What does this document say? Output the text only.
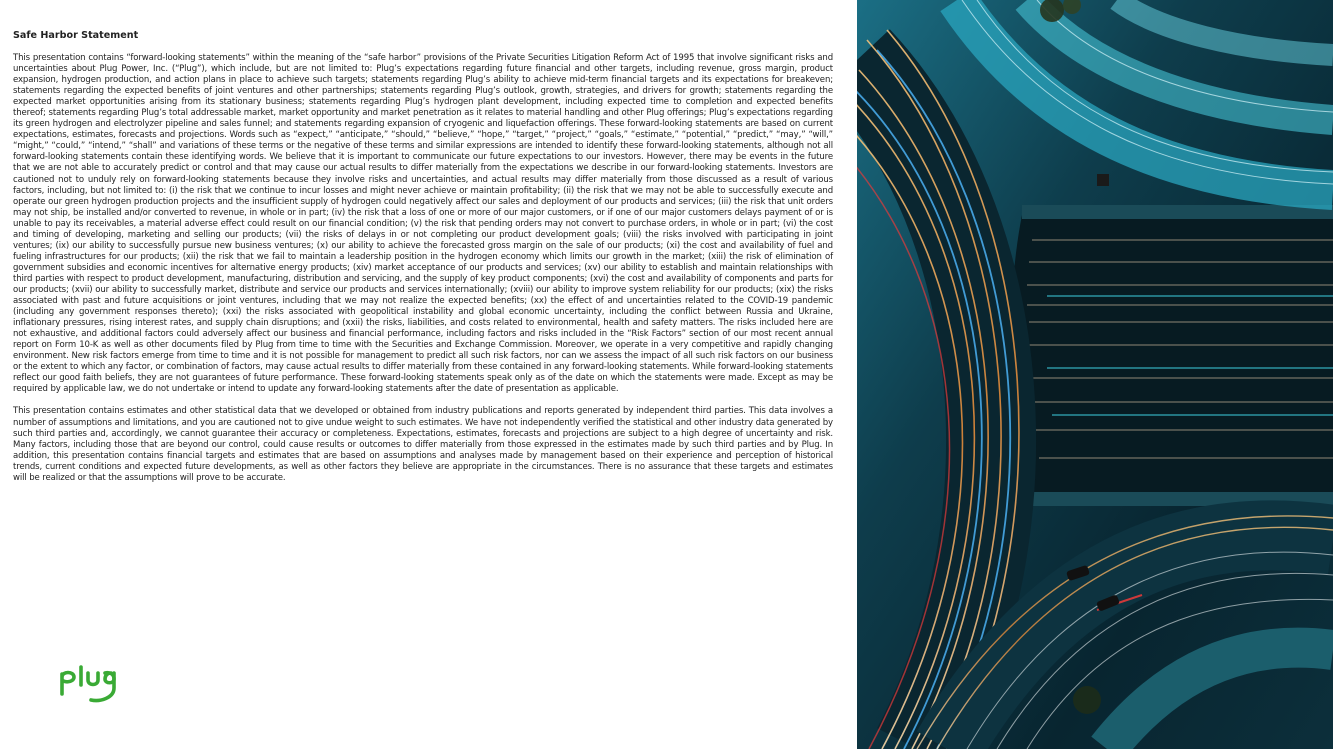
Safe Harbor Statement

This presentation contains “forward-looking statements” within the meaning of the “safe harbor” provisions of the Private Securities Litigation Reform Act of 1995 that involve significant risks and uncertainties about Plug Power, Inc. (“Plug”), which include, but are not limited to: Plug’s expectations regarding future financial and other targets, including revenue, gross margin, product expansion, hydrogen production, and action plans in place to achieve such targets; statements regarding Plug’s ability to achieve mid-term financial targets and its expectations for breakeven; statements regarding the expected benefits of joint ventures and other partnerships; statements regarding Plug’s outlook, growth, strategies, and drivers for growth; statements regarding the expected market opportunities arising from its stationary business; statements regarding Plug’s hydrogen plant development, including expected time to completion and expected benefits thereof; statements regarding Plug’s total addressable market, market opportunity and market penetration as it relates to material handling and other Plug offerings; Plug’s expectations regarding its green hydrogen and electrolyzer pipeline and sales funnel; and statements regarding expansion of cryogenic and liquefaction offerings. These forward-looking statements are based on current expectations, estimates, forecasts and projections. Words such as “expect,” “anticipate,” “should,” “believe,” “hope,” “target,” “project,” “goals,” “estimate,” “potential,” “predict,” “may,” “will,” “might,” “could,” “intend,” “shall” and variations of these terms or the negative of these terms and similar expressions are intended to identify these forward-looking statements, although not all forward-looking statements contain these identifying words. We believe that it is important to communicate our future expectations to our investors. However, there may be events in the future that we are not able to accurately predict or control and that may cause our actual results to differ materially from the expectations we describe in our forward-looking statements. Investors are cautioned not to unduly rely on forward-looking statements because they involve risks and uncertainties, and actual results may differ materially from those discussed as a result of various factors, including, but not limited to: (i) the risk that we continue to incur losses and might never achieve or maintain profitability; (ii) the risk that we may not be able to successfully execute and operate our green hydrogen production projects and the insufficient supply of hydrogen could negatively affect our sales and deployment of our products and services; (iii) the risk that unit orders may not ship, be installed and/or converted to revenue, in whole or in part; (iv) the risk that a loss of one or more of our major customers, or if one of our major customers delays payment of or is unable to pay its receivables, a material adverse effect could result on our financial condition; (v) the risk that pending orders may not convert to purchase orders, in whole or in part; (vi) the cost and timing of developing, marketing and selling our products; (vii) the risks of delays in or not completing our product development goals; (viii) the risks involved with participating in joint ventures; (ix) our ability to successfully pursue new business ventures; (x) our ability to achieve the forecasted gross margin on the sale of our products; (xi) the cost and availability of fuel and fueling infrastructures for our products; (xii) the risk that we fail to maintain a leadership position in the hydrogen economy which limits our growth in the market; (xiii) the risk of elimination of government subsidies and economic incentives for alternative energy products; (xiv) market acceptance of our products and services; (xv) our ability to establish and maintain relationships with third parties with respect to product development, manufacturing, distribution and servicing, and the supply of key product components; (xvi) the cost and availability of components and parts for our products; (xvii) our ability to successfully market, distribute and service our products and services internationally; (xviii) our ability to improve system reliability for our products; (xix) the risks associated with past and future acquisitions or joint ventures, including that we may not realize the expected benefits; (xx) the effect of and uncertainties related to the COVID-19 pandemic (including any government responses thereto); (xxi) the risks associated with geopolitical instability and global economic uncertainty, including the conflict between Russia and Ukraine, inflationary pressures, rising interest rates, and supply chain disruptions; and (xxii) the risks, liabilities, and costs related to environmental, health and safety matters. The risks included here are not exhaustive, and additional factors could adversely affect our business and financial performance, including factors and risks included in the “Risk Factors” section of our most recent annual report on Form 10-K as well as other documents filed by Plug from time to time with the Securities and Exchange Commission. Moreover, we operate in a very competitive and rapidly changing environment. New risk factors emerge from time to time and it is not possible for management to predict all such risk factors, nor can we assess the impact of all such risk factors on our business or the extent to which any factor, or combination of factors, may cause actual results to differ materially from these contained in any forward-looking statements. While forward-looking statements reflect our good faith beliefs, they are not guarantees of future performance. These forward-looking statements speak only as of the date on which the statements were made. Except as may be required by applicable law, we do not undertake or intend to update any forward-looking statements after the date of presentation as applicable.

This presentation contains estimates and other statistical data that we developed or obtained from industry publications and reports generated by independent third parties. This data involves a number of assumptions and limitations, and you are cautioned not to give undue weight to such estimates. We have not independently verified the statistical and other industry data generated by such third parties and, accordingly, we cannot guarantee their accuracy or completeness. Expectations, estimates, forecasts and projections are subject to a high degree of uncertainty and risk. Many factors, including those that are beyond our control, could cause results or outcomes to differ materially from those expressed in the estimates made by such third parties and by Plug. In addition, this presentation contains financial targets and estimates that are based on assumptions and analyses made by management based on their experience and perception of historical trends, current conditions and expected future developments, as well as other factors they believe are appropriate in the circumstances. There is no assurance that these targets and estimates will be realized or that the assumptions will prove to be accurate.
